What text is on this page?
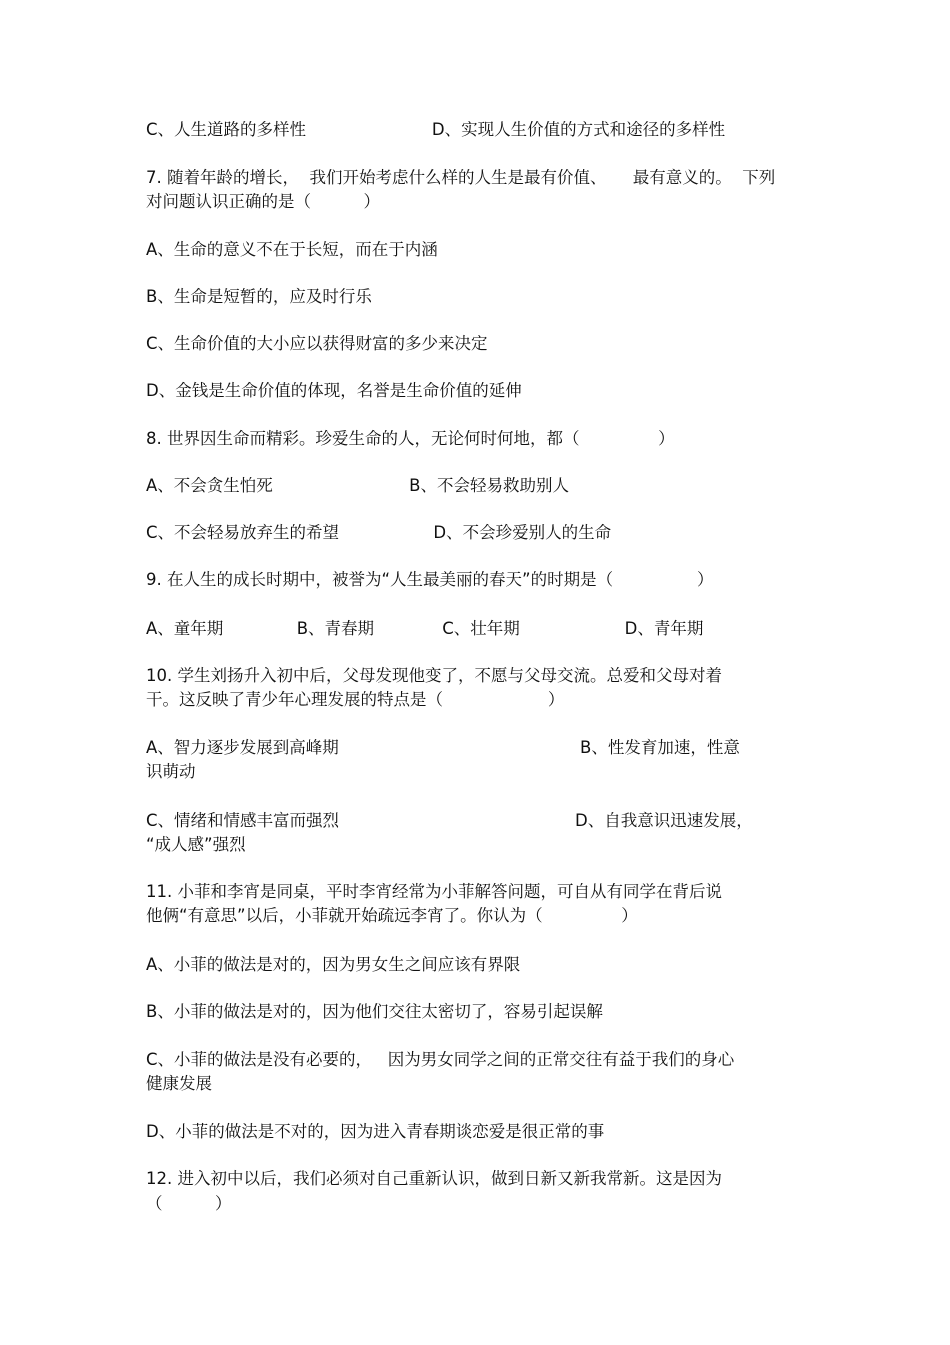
C、人生道路的多样性                        D、实现人生价值的方式和途径的多样性

7. 随着年龄的增长，  我们开始考虑什么样的人生是最有价值、     最有意义的。  下列

对问题认识正确的是（          ）

A、生命的意义不在于长短，而在于内涵

B、生命是短暂的，应及时行乐

C、生命价值的大小应以获得财富的多少来决定

D、金钱是生命价值的体现，名誉是生命价值的延伸

8. 世界因生命而精彩。珍爱生命的人，无论何时何地，都（               ）

A、不会贪生怕死                          B、不会轻易救助别人

C、不会轻易放弃生的希望                  D、不会珍爱别人的生命

9. 在人生的成长时期中，被誉为“人生最美丽的春天”的时期是（                ）

A、童年期              B、青春期             C、壮年期                    D、青年期

10. 学生刘扬升入初中后，父母发现他变了，不愿与父母交流。总爱和父母对着

干。这反映了青少年心理发展的特点是（                    ）

A、智力逐步发展到高峰期                                              B、性发育加速，性意

识萌动

C、情绪和情感丰富而强烈                                             D、自我意识迅速发展，

“成人感”强烈

11. 小菲和李宵是同桌，平时李宵经常为小菲解答问题，可自从有同学在背后说

他俩“有意思”以后，小菲就开始疏远李宵了。你认为（               ）

A、小菲的做法是对的，因为男女生之间应该有界限

B、小菲的做法是对的，因为他们交往太密切了，容易引起误解

C、小菲的做法是没有必要的，   因为男女同学之间的正常交往有益于我们的身心

健康发展

D、小菲的做法是不对的，因为进入青春期谈恋爱是很正常的事

12. 进入初中以后，我们必须对自己重新认识，做到日新又新我常新。这是因为

（          ）
